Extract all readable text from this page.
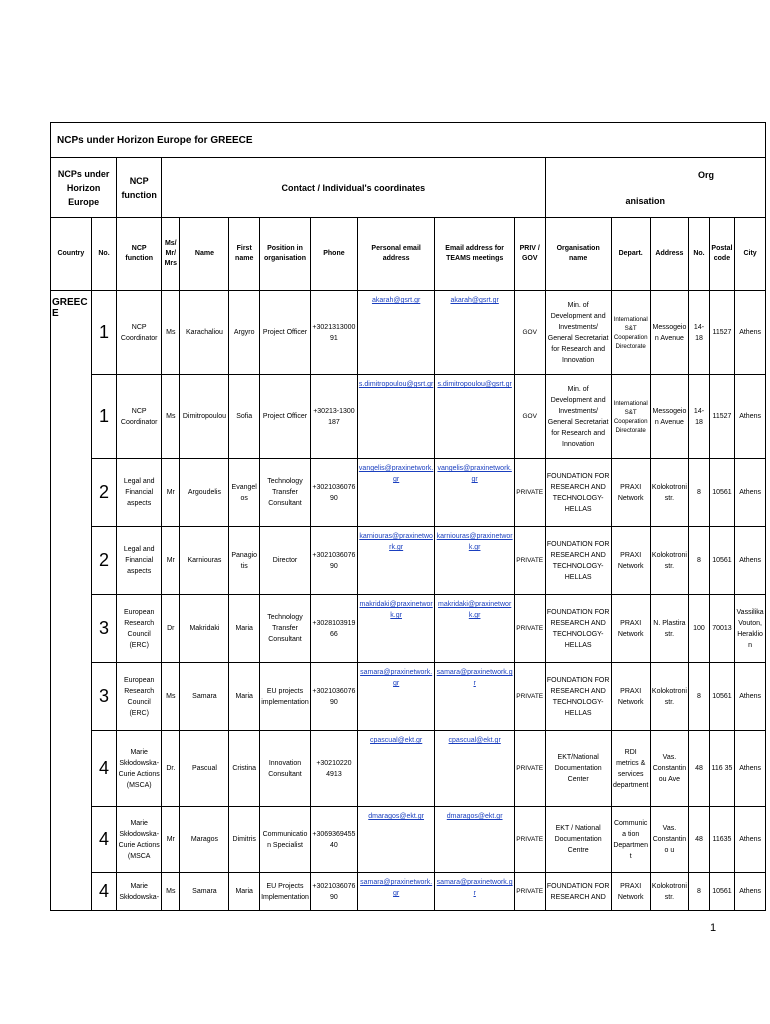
NCPs under Horizon Europe for GREECE																
NCPs under Horizon Europe		NCP function	Contact / Individual's coordinates								Org
anisation					

Country	No.	NCP function	Ms/ Mr/ Mrs	Name	First name	Position in organisation	Phone	Personal email address	Email address for TEAMS meetings	PRIV / GOV	Organisation name	Depart.	Address	No.	Postal code	City
GREECE	1	NCP Coordinator	Ms	Karachaliou	Argyro	Project Officer	+3021313000 91	akarah@gsrt.gr	akarah@gsrt.gr	GOV	Min. of Development and Investments/ General Secretariat for Research and Innovation	International S&T Cooperation Directorate	Messogeion Avenue	14-18	11527	Athens
	1	NCP Coordinator	Ms	Dimitropoulou	Sofia	Project Officer	+30213-1300 187	s.dimitropoulou@gsrt.gr	s.dimitropoulou@gsrt.gr	GOV	Min. of Development and Investments/ General Secretariat for Research and Innovation	International S&T Cooperation Directorate	Messogeion Avenue	14-18	11527	Athens
	2	Legal and Financial aspects	Mr	Argoudelis	Evangelos	Technology Transfer Consultant	+3021036076 90	vangelis@praxinetwork.gr	vangelis@praxinetwork.gr	PRIVATE	FOUNDATION FOR RESEARCH AND TECHNOLOGY-HELLAS	PRAXI Network	Kolokotroni str.	8	10561	Athens
	2	Legal and Financial aspects	Mr	Karniouras	Panagiotis	Director	+3021036076 90	karniouras@praxinetwork.gr	karniouras@praxinetwork.gr	PRIVATE	FOUNDATION FOR RESEARCH AND TECHNOLOGY-HELLAS	PRAXI Network	Kolokotroni str.	8	10561	Athens
	3	European Research Council (ERC)	Dr	Makridaki	Maria	Technology Transfer Consultant	+3028103919 66	makridaki@praxinetwork.gr	makridaki@praxinetwork.gr	PRIVATE	FOUNDATION FOR RESEARCH AND TECHNOLOGY-HELLAS	PRAXI Network	N. Plastira str.	100	70013	Vassilika Vouton, Heraklion
	3	European Research Council (ERC)	Ms	Samara	Maria	EU projects implementation	+3021036076 90	samara@praxinetwork.gr	samara@praxinetwork.gr	PRIVATE	FOUNDATION FOR RESEARCH AND TECHNOLOGY-HELLAS	PRAXI Network	Kolokotroni str.	8	10561	Athens
	4	Marie Skłodowska-Curie Actions (MSCA)	Dr.	Pascual	Cristina	Innovation Consultant	+30210220 4913	cpascual@ekt.gr	cpascual@ekt.gr	PRIVATE	EKT/National Documentation Center	RDI metrics & services department	Vas. Constantin ou Ave	48	116 35	Athens
	4	Marie Skłodowska-Curie Actions (MSCA	Mr	Maragos	Dimitris	Communication Specialist	+3069369455 40	dmaragos@ekt.gr	dmaragos@ekt.gr	PRIVATE	EKT / National Documentation Centre	Communica tion Department	Vas. Constantino u	48	11635	Athens
	4	Marie Skłodowska-	Ms	Samara	Maria	EU Projects Implementation	+3021036076 90	samara@praxinetwork.gr	samara@praxinetwork.gr	PRIVATE	FOUNDATION FOR RESEARCH AND	PRAXI Network	Kolokotroni str.	8	10561	Athens
1
